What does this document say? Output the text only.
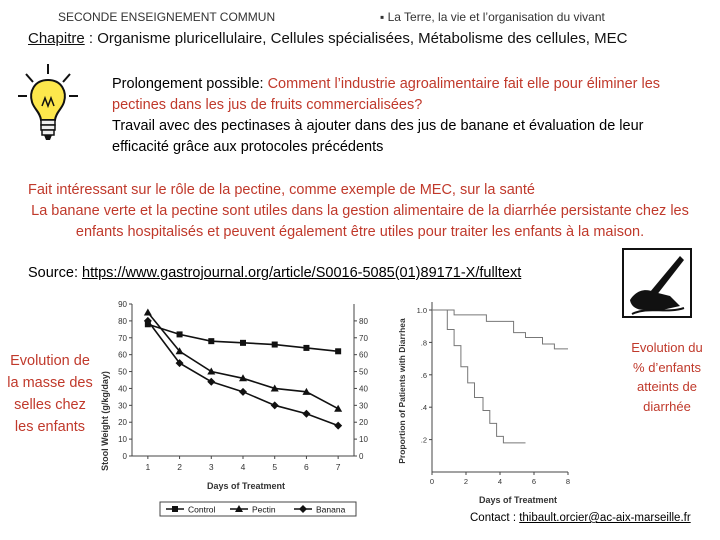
SECONDE ENSEIGNEMENT COMMUN	▪ La Terre, la vie et l’organisation du vivant
Chapitre : Organisme pluricellulaire, Cellules spécialisées, Métabolisme des cellules, MEC
Prolongement possible: Comment l’industrie agroalimentaire fait elle pour éliminer les pectines dans les jus de fruits commercialisées?
Travail avec des pectinases à ajouter dans des jus de banane et évaluation de leur efficacité grâce aux protocoles précédents
Fait intéressant sur le rôle de la pectine, comme exemple de MEC, sur la santé
La banane verte et la pectine sont utiles dans la gestion alimentaire de la diarrhée persistante chez les enfants hospitalisés et peuvent également être utiles pour traiter les enfants à la maison.
Source: https://www.gastrojournal.org/article/S0016-5085(01)89171-X/fulltext
Stool Weight (g/kg/day)
Days of Treatment
0
10
20
30
40
50
60
70
80
90
0
10
20
30
40
50
60
70
80
1	2	3	4	5	6	7
Control	Pectin	Banana
Proportion of Patients with Diarrhea
Days of Treatment
1.0
.8
.6
.4
.2
0	2	4	6	8
Evolution de la masse des selles chez les enfants
Evolution du % d’enfants atteints de diarrhée
Contact : thibault.orcier@ac-aix-marseille.fr
